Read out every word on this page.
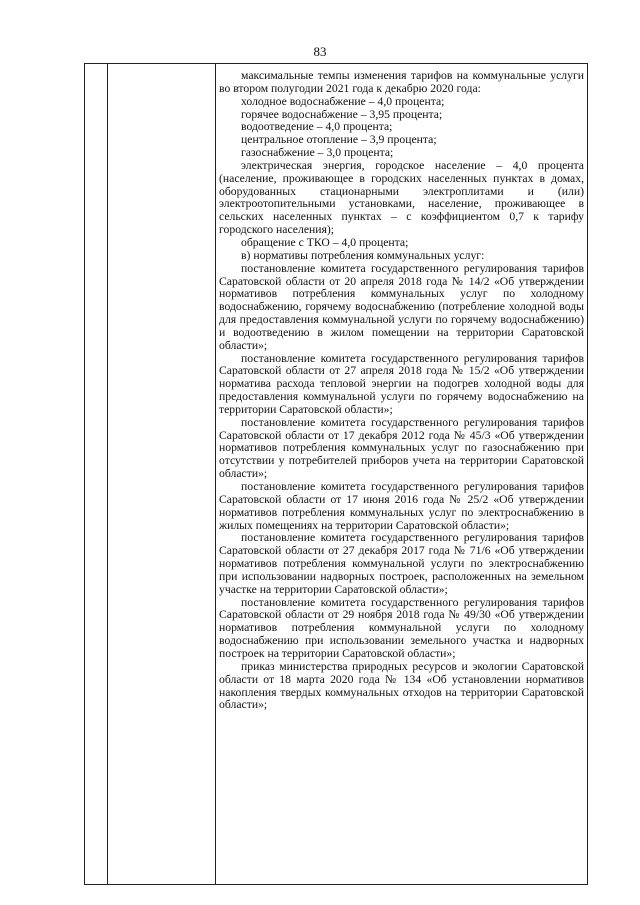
83

максимальные темпы изменения тарифов на коммунальные услуги во втором полугодии 2021 года к декабрю 2020 года:

холодное водоснабжение – 4,0 процента;

горячее водоснабжение – 3,95 процента;

водоотведение – 4,0 процента;

центральное отопление – 3,9 процента;

газоснабжение – 3,0 процента;

электрическая энергия, городское население – 4,0 процента (население, проживающее в городских населенных пунктах в домах, оборудованных стационарными электроплитами и (или) электроотопительными установками, население, проживающее в сельских населенных пунктах – с коэффициентом 0,7 к тарифу городского населения);

обращение с ТКО – 4,0 процента;

в) нормативы потребления коммунальных услуг:

постановление комитета государственного регулирования тарифов Саратовской области от 20 апреля 2018 года № 14/2 «Об утверждении нормативов потребления коммунальных услуг по холодному водоснабжению, горячему водоснабжению (потребление холодной воды для предоставления коммунальной услуги по горячему водоснабжению) и водоотведению в жилом помещении на территории Саратовской области»;

постановление комитета государственного регулирования тарифов Саратовской области от 27 апреля 2018 года № 15/2 «Об утверждении норматива расхода тепловой энергии на подогрев холодной воды для предоставления коммунальной услуги по горячему водоснабжению на территории Саратовской области»;

постановление комитета государственного регулирования тарифов Саратовской области от 17 декабря 2012 года № 45/3 «Об утверждении нормативов потребления коммунальных услуг по газоснабжению при отсутствии у потребителей приборов учета на территории Саратовской области»;

постановление комитета государственного регулирования тарифов Саратовской области от 17 июня 2016 года № 25/2 «Об утверждении нормативов потребления коммунальных услуг по электроснабжению в жилых помещениях на территории Саратовской области»;

постановление комитета государственного регулирования тарифов Саратовской области от 27 декабря 2017 года № 71/6 «Об утверждении нормативов потребления коммунальной услуги по электроснабжению при использовании надворных построек, расположенных на земельном участке на территории Саратовской области»;

постановление комитета государственного регулирования тарифов Саратовской области от 29 ноября 2018 года № 49/30 «Об утверждении нормативов потребления коммунальной услуги по холодному водоснабжению при использовании земельного участка и надворных построек на территории Саратовской области»;

приказ министерства природных ресурсов и экологии Саратовской области от 18 марта 2020 года № 134 «Об установлении нормативов накопления твердых коммунальных отходов на территории Саратовской области»;
